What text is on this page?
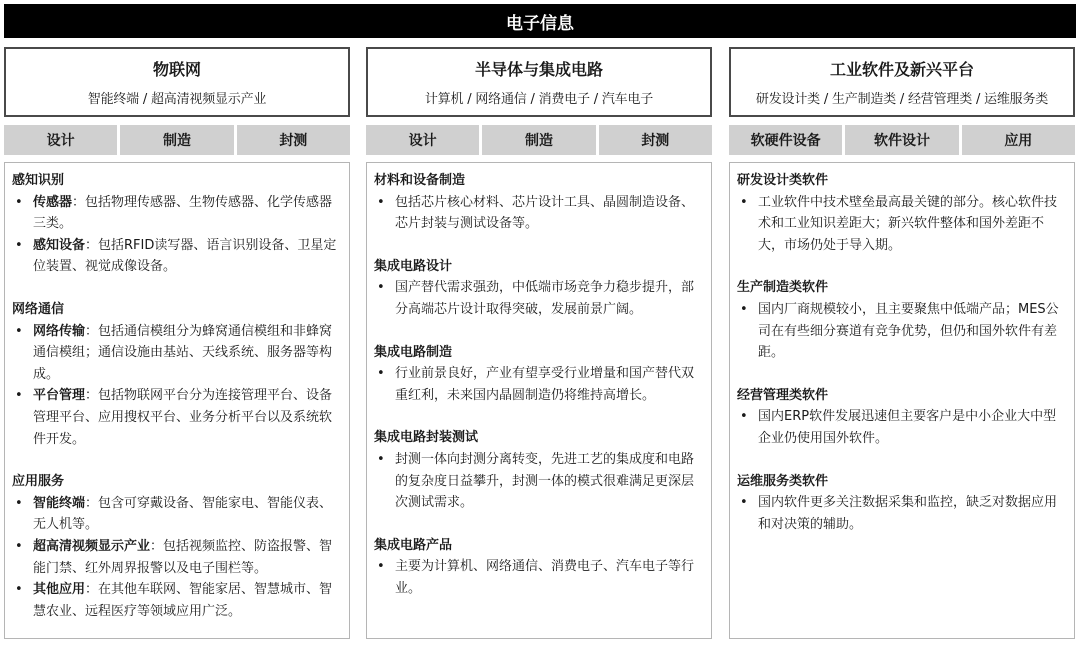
电子信息
物联网
智能终端 / 超高清视频显示产业
设计	制造	封测
感知识别
• 传感器：包括物理传感器、生物传感器、化学传感器三类。
• 感知设备：包括RFID读写器、语言识别设备、卫星定位装置、视觉成像设备。
网络通信
• 网络传输：包括通信模组分为蜂窝通信模组和非蜂窝通信模组；通信设施由基站、天线系统、服务器等构成。
• 平台管理：包括物联网平台分为连接管理平台、设备管理平台、应用搜权平台、业务分析平台以及系统软件开发。
应用服务
• 智能终端：包含可穿戴设备、智能家电、智能仪表、无人机等。
• 超高清视频显示产业：包括视频监控、防盗报警、智能门禁、红外周界报警以及电子围栏等。
• 其他应用：在其他车联网、智能家居、智慧城市、智慧农业、远程医疗等领域应用广泛。
半导体与集成电路
计算机 / 网络通信 / 消费电子 / 汽车电子
设计	制造	封测
材料和设备制造
• 包括芯片核心材料、芯片设计工具、晶圆制造设备、芯片封装与测试设备等。
集成电路设计
• 国产替代需求强劲，中低端市场竞争力稳步提升，部分高端芯片设计取得突破，发展前景广阔。
集成电路制造
• 行业前景良好，产业有望享受行业增量和国产替代双重红利，未来国内晶圆制造仍将维持高增长。
集成电路封装测试
• 封测一体向封测分离转变，先进工艺的集成度和电路的复杂度日益攀升，封测一体的模式很难满足更深层次测试需求。
集成电路产品
• 主要为计算机、网络通信、消费电子、汽车电子等行业。
工业软件及新兴平台
研发设计类 / 生产制造类 / 经营管理类 / 运维服务类
软硬件设备	软件设计	应用
研发设计类软件
• 工业软件中技术壁垒最高最关键的部分。核心软件技术和工业知识差距大；新兴软件整体和国外差距不大，市场仍处于导入期。
生产制造类软件
• 国内厂商规模较小，且主要聚焦中低端产品；MES公司在有些细分赛道有竞争优势，但仍和国外软件有差距。
经营管理类软件
• 国内ERP软件发展迅速但主要客户是中小企业大中型企业仍使用国外软件。
运维服务类软件
• 国内软件更多关注数据采集和监控，缺乏对数据应用和对决策的辅助。
